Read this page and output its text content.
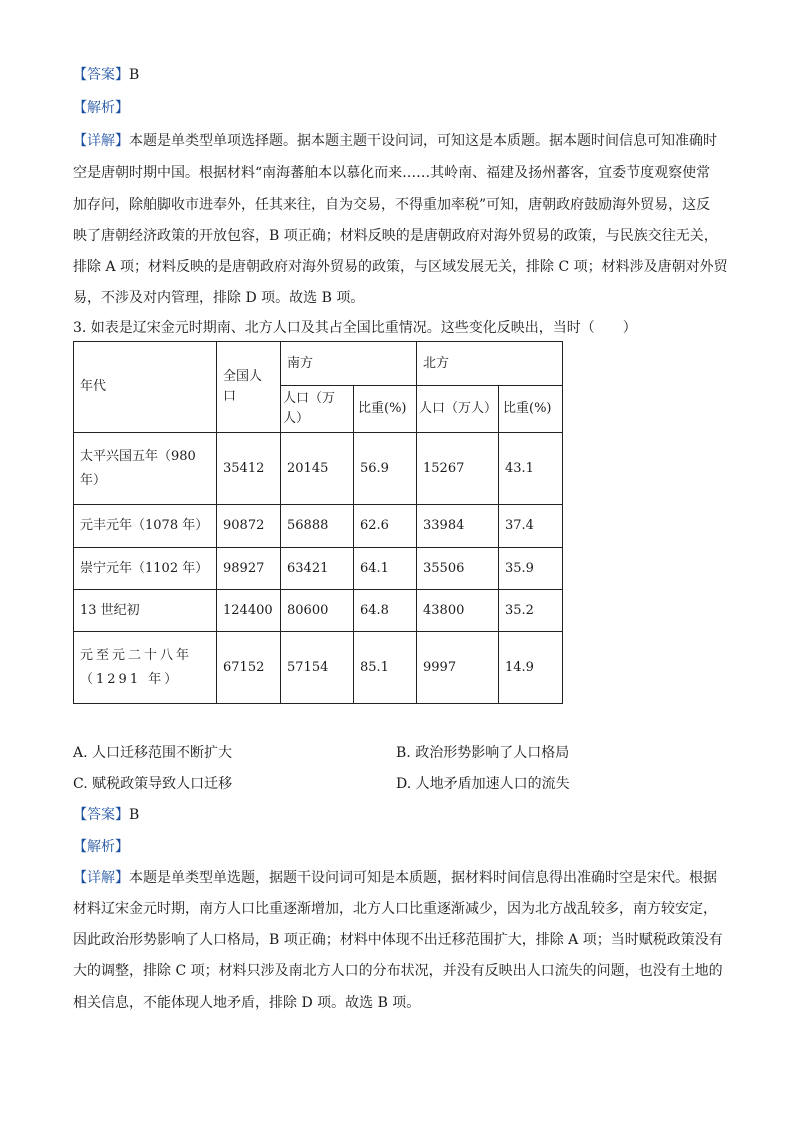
【答案】B
【解析】
【详解】本题是单类型单项选择题。据本题主题干设问词，可知这是本质题。据本题时间信息可知准确时
空是唐朝时期中国。根据材料“南海蕃舶本以慕化而来……其岭南、福建及扬州蕃客，宜委节度观察使常
加存问，除舶脚收市进奉外，任其来往，自为交易，不得重加率税”可知，唐朝政府鼓励海外贸易，这反
映了唐朝经济政策的开放包容，B 项正确；材料反映的是唐朝政府对海外贸易的政策，与民族交往无关，
排除 A 项；材料反映的是唐朝政府对海外贸易的政策，与区域发展无关，排除 C 项；材料涉及唐朝对外贸
易，不涉及对内管理，排除 D 项。故选 B 项。
3. 如表是辽宋金元时期南、北方人口及其占全国比重情况。这些变化反映出，当时（　　）
年代	全国人口	南方		北方	
		人口（万人）	比重(%)	人口（万人）	比重(%)
太平兴国五年（980 年）	35412	20145	56.9	15267	43.1
元丰元年（1078 年）	90872	56888	62.6	33984	37.4
崇宁元年（1102 年）	98927	63421	64.1	35506	35.9
13 世纪初	124400	80600	64.8	43800	35.2
元至元二十八年（1291 年）	67152	57154	85.1	9997	14.9
A. 人口迁移范围不断扩大	B. 政治形势影响了人口格局
C. 赋税政策导致人口迁移	D. 人地矛盾加速人口的流失
【答案】B
【解析】
【详解】本题是单类型单选题，据题干设问词可知是本质题，据材料时间信息得出准确时空是宋代。根据
材料辽宋金元时期，南方人口比重逐渐增加，北方人口比重逐渐减少，因为北方战乱较多，南方较安定，
因此政治形势影响了人口格局，B 项正确；材料中体现不出迁移范围扩大，排除 A 项；当时赋税政策没有
大的调整，排除 C 项；材料只涉及南北方人口的分布状况，并没有反映出人口流失的问题，也没有土地的
相关信息，不能体现人地矛盾，排除 D 项。故选 B 项。
